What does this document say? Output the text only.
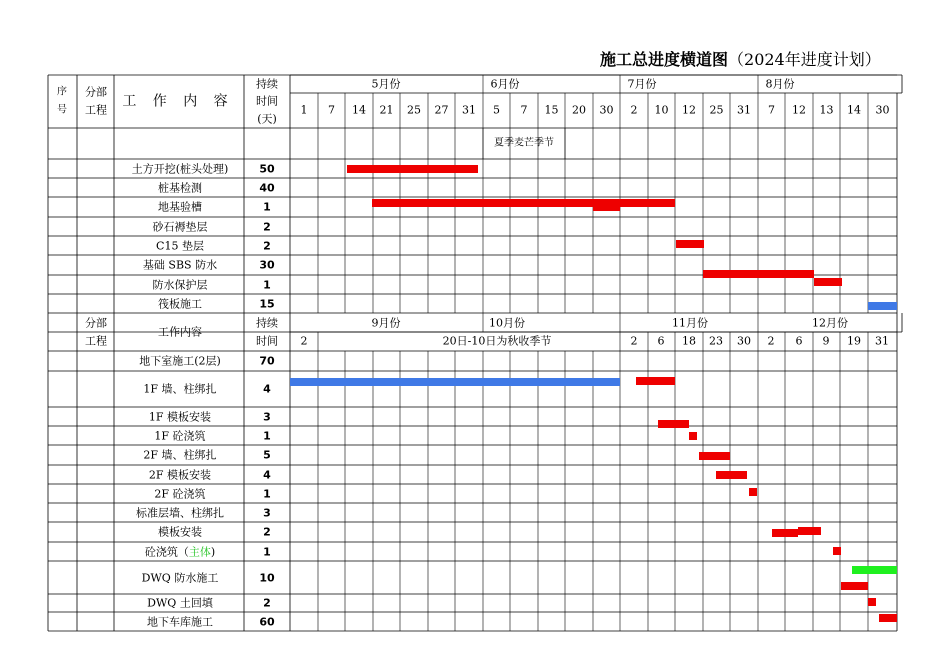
施工总进度横道图（2024年进度计划）
序
号
分部
工程
工 作 内 容
持续
时间
(天)
5月份	6月份	7月份	8月份
1 7 14 21 25 27 31 5 7 15 20 30 2 10 12 25 31 7 12 13 14 30
夏季麦芒季节
土方开挖(桩头处理)	50
桩基检测	40
地基验槽	1
砂石褥垫层	2
C15 垫层	2
基础 SBS 防水	30
防水保护层	1
筏板施工	15
分部
工程
工作内容
持续
时间
9月份	10月份	11月份	12月份
2	20日-10日为秋收季节	2 6 18 23 30 2 6 9 19 31
地下室施工(2层)	70
1F 墙、柱绑扎	4
1F 模板安装	3
1F 砼浇筑	1
2F 墙、柱绑扎	5
2F 模板安装	4
2F 砼浇筑	1
标准层墙、柱绑扎	3
模板安装	2
砼浇筑（主体)	1
DWQ 防水施工	10
DWQ 土回填	2
地下车库施工	60
